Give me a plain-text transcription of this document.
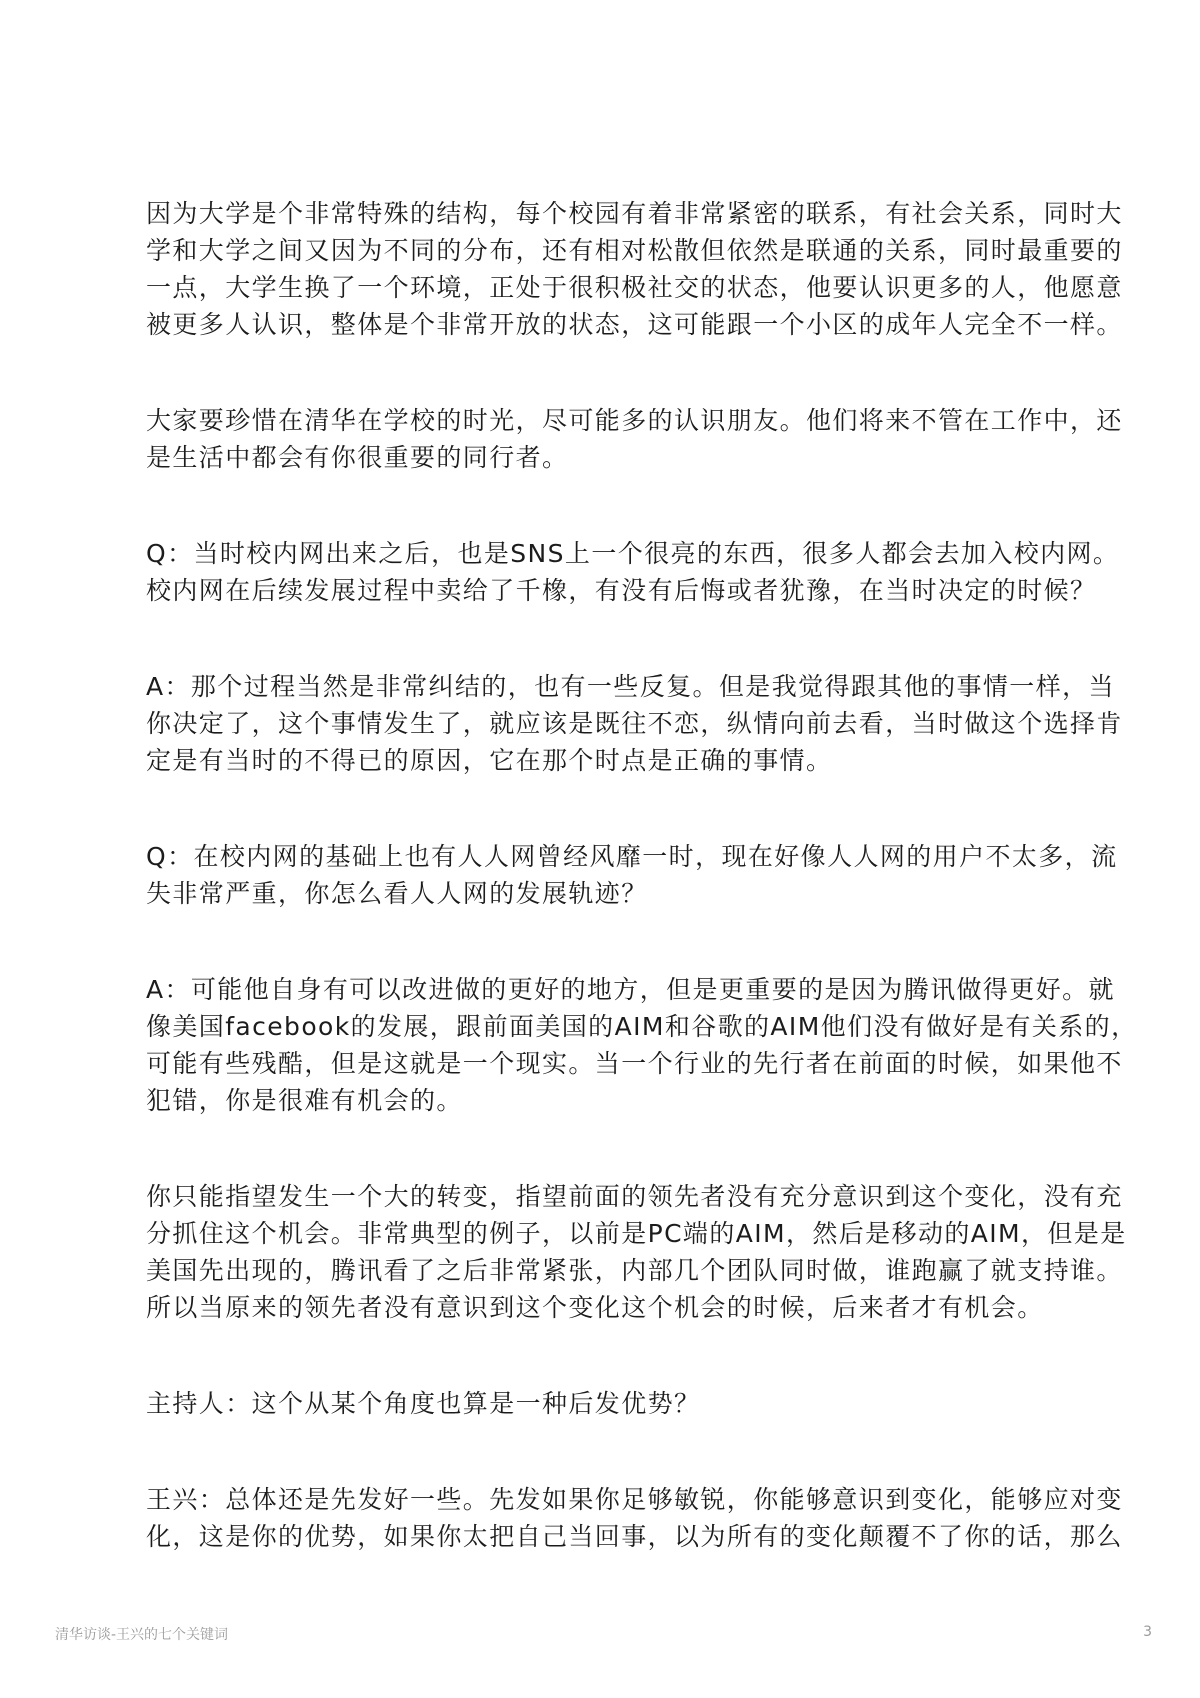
因为大学是个非常特殊的结构，每个校园有着非常紧密的联系，有社会关系，同时大
学和大学之间又因为不同的分布，还有相对松散但依然是联通的关系，同时最重要的
一点，大学生换了一个环境，正处于很积极社交的状态，他要认识更多的人，他愿意
被更多人认识，整体是个非常开放的状态，这可能跟一个小区的成年人完全不一样。
大家要珍惜在清华在学校的时光，尽可能多的认识朋友。他们将来不管在工作中，还
是生活中都会有你很重要的同行者。
Q：当时校内网出来之后，也是SNS上一个很亮的东西，很多人都会去加入校内网。
校内网在后续发展过程中卖给了千橡，有没有后悔或者犹豫，在当时决定的时候？
A：那个过程当然是非常纠结的，也有一些反复。但是我觉得跟其他的事情一样，当
你决定了，这个事情发生了，就应该是既往不恋，纵情向前去看，当时做这个选择肯
定是有当时的不得已的原因，它在那个时点是正确的事情。
Q：在校内网的基础上也有人人网曾经风靡一时，现在好像人人网的用户不太多，流
失非常严重，你怎么看人人网的发展轨迹？
A：可能他自身有可以改进做的更好的地方，但是更重要的是因为腾讯做得更好。就
像美国facebook的发展，跟前面美国的AIM和谷歌的AIM他们没有做好是有关系的，
可能有些残酷，但是这就是一个现实。当一个行业的先行者在前面的时候，如果他不
犯错，你是很难有机会的。
你只能指望发生一个大的转变，指望前面的领先者没有充分意识到这个变化，没有充
分抓住这个机会。非常典型的例子，以前是PC端的AIM，然后是移动的AIM，但是是
美国先出现的，腾讯看了之后非常紧张，内部几个团队同时做，谁跑赢了就支持谁。
所以当原来的领先者没有意识到这个变化这个机会的时候，后来者才有机会。
主持人：这个从某个角度也算是一种后发优势？
王兴：总体还是先发好一些。先发如果你足够敏锐，你能够意识到变化，能够应对变
化，这是你的优势，如果你太把自己当回事，以为所有的变化颠覆不了你的话，那么
清华访谈-王兴的七个关键词	3
